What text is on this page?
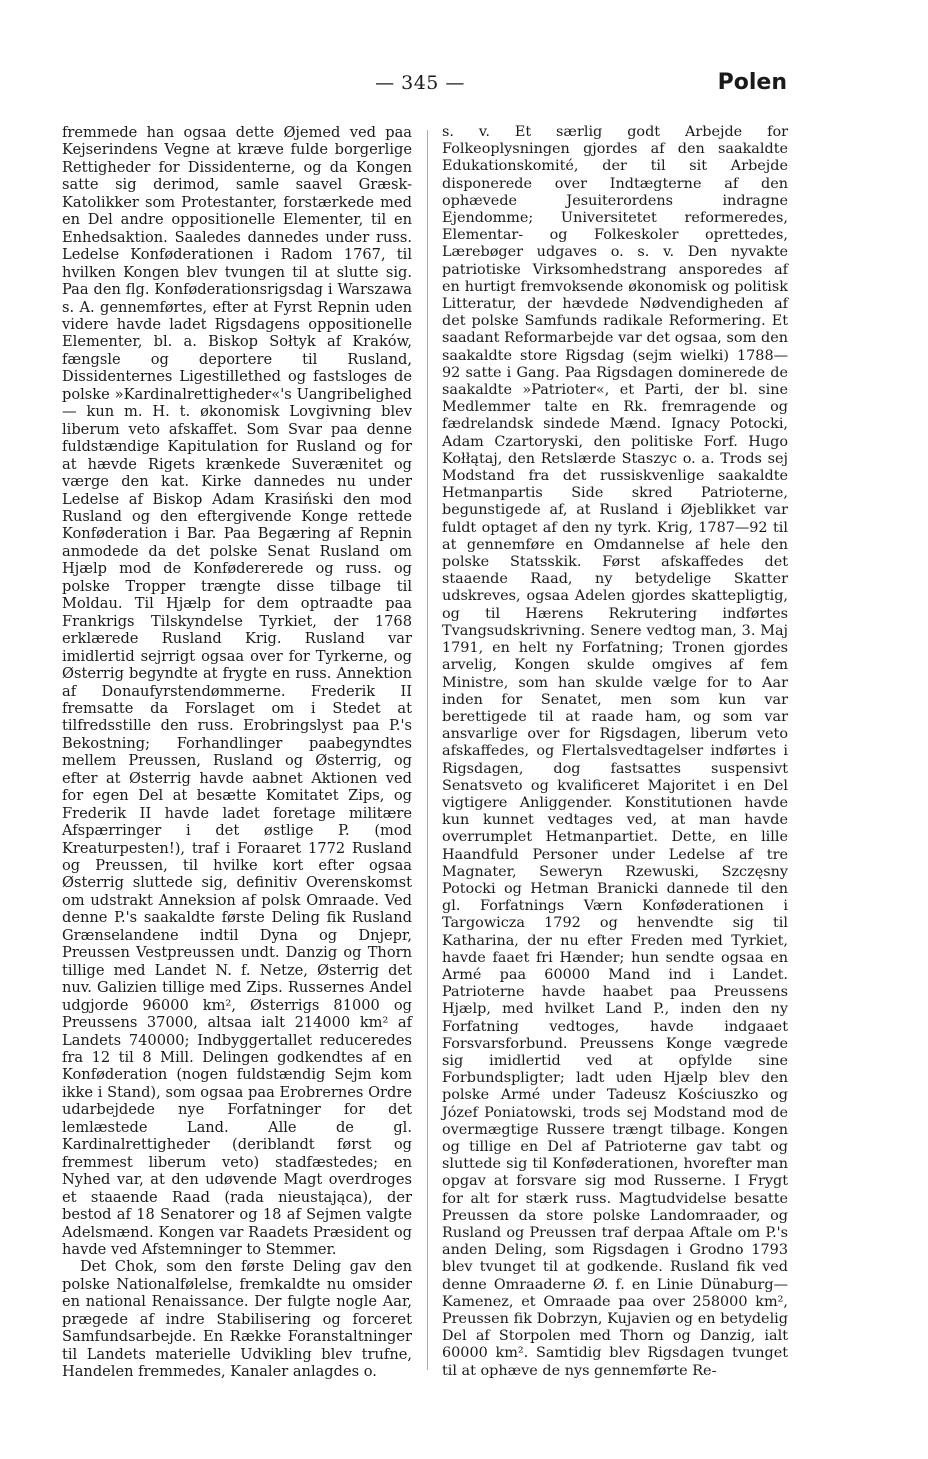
— 345 —	Polen

fremmede han ogsaa dette Øjemed ved paa Kejserindens Vegne at kræve fulde borgerlige Rettigheder for Dissidenterne, og da Kongen satte sig derimod, samle saavel Græsk-Katolikker som Protestanter, forstærkede med en Del andre oppositionelle Elementer, til en Enhedsaktion. Saaledes dannedes under russ. Ledelse Konføderationen i Radom 1767, til hvilken Kongen blev tvungen til at slutte sig. Paa den flg. Konføderationsrigsdag i Warszawa s. A. gennemførtes, efter at Fyrst Repnin uden videre havde ladet Rigsdagens oppositionelle Elementer, bl. a. Biskop Sołtyk af Kraków, fængsle og deportere til Rusland, Dissidenternes Ligestillethed og fastsloges de polske »Kardinalrettigheder«'s Uangribelighed — kun m. H. t. økonomisk Lovgivning blev liberum veto afskaffet. Som Svar paa denne fuldstændige Kapitulation for Rusland og for at hævde Rigets krænkede Suverænitet og værge den kat. Kirke dannedes nu under Ledelse af Biskop Adam Krasiński den mod Rusland og den eftergivende Konge rettede Konføderation i Bar. Paa Begæring af Repnin anmodede da det polske Senat Rusland om Hjælp mod de Konfødererede og russ. og polske Tropper trængte disse tilbage til Moldau. Til Hjælp for dem optraadte paa Frankrigs Tilskyndelse Tyrkiet, der 1768 erklærede Rusland Krig. Rusland var imidlertid sejrrigt ogsaa over for Tyrkerne, og Østerrig begyndte at frygte en russ. Annektion af Donaufyrstendømmerne. Frederik II fremsatte da Forslaget om i Stedet at tilfredsstille den russ. Erobringslyst paa P.'s Bekostning; Forhandlinger paabegyndtes mellem Preussen, Rusland og Østerrig, og efter at Østerrig havde aabnet Aktionen ved for egen Del at besætte Komitatet Zips, og Frederik II havde ladet foretage militære Afspærringer i det østlige P. (mod Kreaturpesten!), traf i Foraaret 1772 Rusland og Preussen, til hvilke kort efter ogsaa Østerrig sluttede sig, definitiv Overenskomst om udstrakt Anneksion af polsk Omraade. Ved denne P.'s saakaldte første Deling fik Rusland Grænselandene indtil Dyna og Dnjepr, Preussen Vestpreussen undt. Danzig og Thorn tillige med Landet N. f. Netze, Østerrig det nuv. Galizien tillige med Zips. Russernes Andel udgjorde 96000 km², Østerrigs 81000 og Preussens 37000, altsaa ialt 214000 km² af Landets 740000; Indbyggertallet reduceredes fra 12 til 8 Mill. Delingen godkendtes af en Konføderation (nogen fuldstændig Sejm kom ikke i Stand), som ogsaa paa Erobrernes Ordre udarbejdede nye Forfatninger for det lemlæstede Land. Alle de gl. Kardinalrettigheder (deriblandt først og fremmest liberum veto) stadfæstedes; en Nyhed var, at den udøvende Magt overdroges et staaende Raad (rada nieustająca), der bestod af 18 Senatorer og 18 af Sejmen valgte Adelsmænd. Kongen var Raadets Præsident og havde ved Afstemninger to Stemmer.

Det Chok, som den første Deling gav den polske Nationalfølelse, fremkaldte nu omsider en national Renaissance. Der fulgte nogle Aar, prægede af indre Stabilisering og forceret Samfundsarbejde. En Række Foranstaltninger til Landets materielle Udvikling blev trufne, Handelen fremmedes, Kanaler anlagdes o.

s. v. Et særlig godt Arbejde for Folkeoplysningen gjordes af den saakaldte Edukationskomité, der til sit Arbejde disponerede over Indtægterne af den ophævede Jesuiterordens indragne Ejendomme; Universitetet reformeredes, Elementar- og Folkeskoler oprettedes, Lærebøger udgaves o. s. v. Den nyvakte patriotiske Virksomhedstrang ansporedes af en hurtigt fremvoksende økonomisk og politisk Litteratur, der hævdede Nødvendigheden af det polske Samfunds radikale Reformering. Et saadant Reformarbejde var det ogsaa, som den saakaldte store Rigsdag (sejm wielki) 1788—92 satte i Gang. Paa Rigsdagen dominerede de saakaldte »Patrioter«, et Parti, der bl. sine Medlemmer talte en Rk. fremragende og fædrelandsk sindede Mænd. Ignacy Potocki, Adam Czartoryski, den politiske Forf. Hugo Kołłątaj, den Retslærde Staszyc o. a. Trods sej Modstand fra det russiskvenlige saakaldte Hetmanpartis Side skred Patrioterne, begunstigede af, at Rusland i Øjeblikket var fuldt optaget af den ny tyrk. Krig, 1787—92 til at gennemføre en Omdannelse af hele den polske Statsskik. Først afskaffedes det staaende Raad, ny betydelige Skatter udskreves, ogsaa Adelen gjordes skattepligtig, og til Hærens Rekrutering indførtes Tvangsudskrivning. Senere vedtog man, 3. Maj 1791, en helt ny Forfatning; Tronen gjordes arvelig, Kongen skulde omgives af fem Ministre, som han skulde vælge for to Aar inden for Senatet, men som kun var berettigede til at raade ham, og som var ansvarlige over for Rigsdagen, liberum veto afskaffedes, og Flertalsvedtagelser indførtes i Rigsdagen, dog fastsattes suspensivt Senatsveto og kvalificeret Majoritet i en Del vigtigere Anliggender. Konstitutionen havde kun kunnet vedtages ved, at man havde overrumplet Hetmanpartiet. Dette, en lille Haandfuld Personer under Ledelse af tre Magnater, Seweryn Rzewuski, Szczęsny Potocki og Hetman Branicki dannede til den gl. Forfatnings Værn Konføderationen i Targowicza 1792 og henvendte sig til Katharina, der nu efter Freden med Tyrkiet, havde faaet fri Hænder; hun sendte ogsaa en Armé paa 60000 Mand ind i Landet. Patrioterne havde haabet paa Preussens Hjælp, med hvilket Land P., inden den ny Forfatning vedtoges, havde indgaaet Forsvarsforbund. Preussens Konge vægrede sig imidlertid ved at opfylde sine Forbundspligter; ladt uden Hjælp blev den polske Armé under Tadeusz Kościuszko og Józef Poniatowski, trods sej Modstand mod de overmægtige Russere trængt tilbage. Kongen og tillige en Del af Patrioterne gav tabt og sluttede sig til Konføderationen, hvorefter man opgav at forsvare sig mod Russerne. I Frygt for alt for stærk russ. Magtudvidelse besatte Preussen da store polske Landomraader, og Rusland og Preussen traf derpaa Aftale om P.'s anden Deling, som Rigsdagen i Grodno 1793 blev tvunget til at godkende. Rusland fik ved denne Omraaderne Ø. f. en Linie Dünaburg—Kamenez, et Omraade paa over 258000 km², Preussen fik Dobrzyn, Kujavien og en betydelig Del af Storpolen med Thorn og Danzig, ialt 60000 km². Samtidig blev Rigsdagen tvunget til at ophæve de nys gennemførte Re-
